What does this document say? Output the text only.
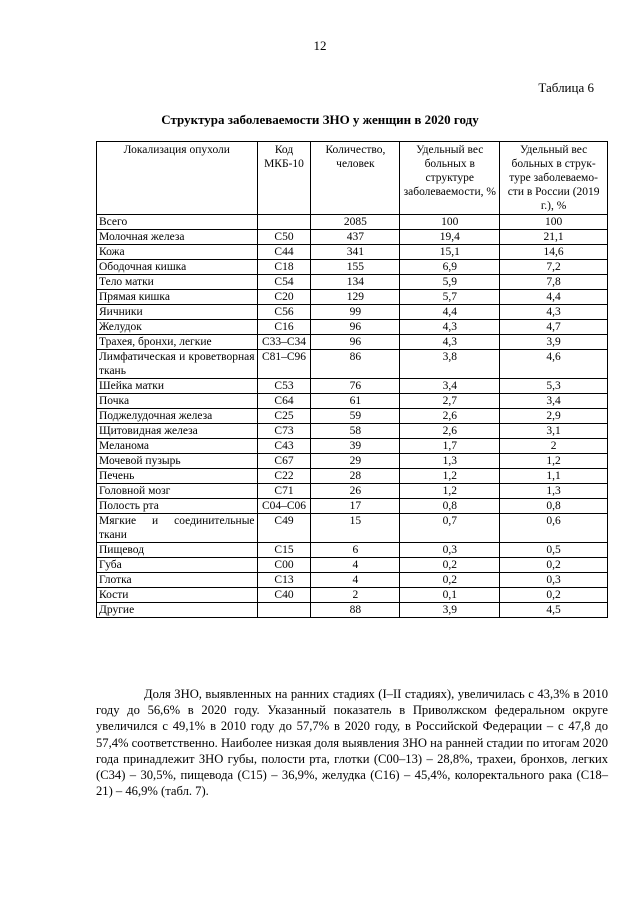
12
Таблица 6
Структура заболеваемости ЗНО у женщин в 2020 году
Локализация опухоли	Код МКБ-10	Количество, человек	Удельный вес больных в структуре заболеваемости, %	Удельный вес больных в струк-туре заболеваемо-сти в России (2019 г.), %
Всего		2085	100	100
Молочная железа	C50	437	19,4	21,1
Кожа	C44	341	15,1	14,6
Ободочная кишка	C18	155	6,9	7,2
Тело матки	C54	134	5,9	7,8
Прямая кишка	C20	129	5,7	4,4
Яичники	C56	99	4,4	4,3
Желудок	C16	96	4,3	4,7
Трахея, бронхи, легкие	C33–C34	96	4,3	3,9
Лимфатическая и кроветворная ткань	C81–C96	86	3,8	4,6
Шейка матки	C53	76	3,4	5,3
Почка	C64	61	2,7	3,4
Поджелудочная железа	C25	59	2,6	2,9
Щитовидная железа	C73	58	2,6	3,1
Меланома	C43	39	1,7	2
Мочевой пузырь	C67	29	1,3	1,2
Печень	C22	28	1,2	1,1
Головной мозг	C71	26	1,2	1,3
Полость рта	C04–C06	17	0,8	0,8
Мягкие и соединительные ткани	C49	15	0,7	0,6
Пищевод	C15	6	0,3	0,5
Губа	C00	4	0,2	0,2
Глотка	C13	4	0,2	0,3
Кости	C40	2	0,1	0,2
Другие		88	3,9	4,5

Доля ЗНО, выявленных на ранних стадиях (I–II стадиях), увеличилась с 43,3% в 2010 году до 56,6% в 2020 году. Указанный показатель в Приволжском федеральном округе увеличился с 49,1% в 2010 году до 57,7% в 2020 году, в Российской Федерации – с 47,8 до 57,4% соответственно. Наиболее низкая доля выявления ЗНО на ранней стадии по итогам 2020 года принадлежит ЗНО губы, полости рта, глотки (C00–13) – 28,8%, трахеи, бронхов, легких (C34) – 30,5%, пищевода (C15) – 36,9%, желудка (C16) – 45,4%, колоректального рака (C18–21) – 46,9% (табл. 7).
